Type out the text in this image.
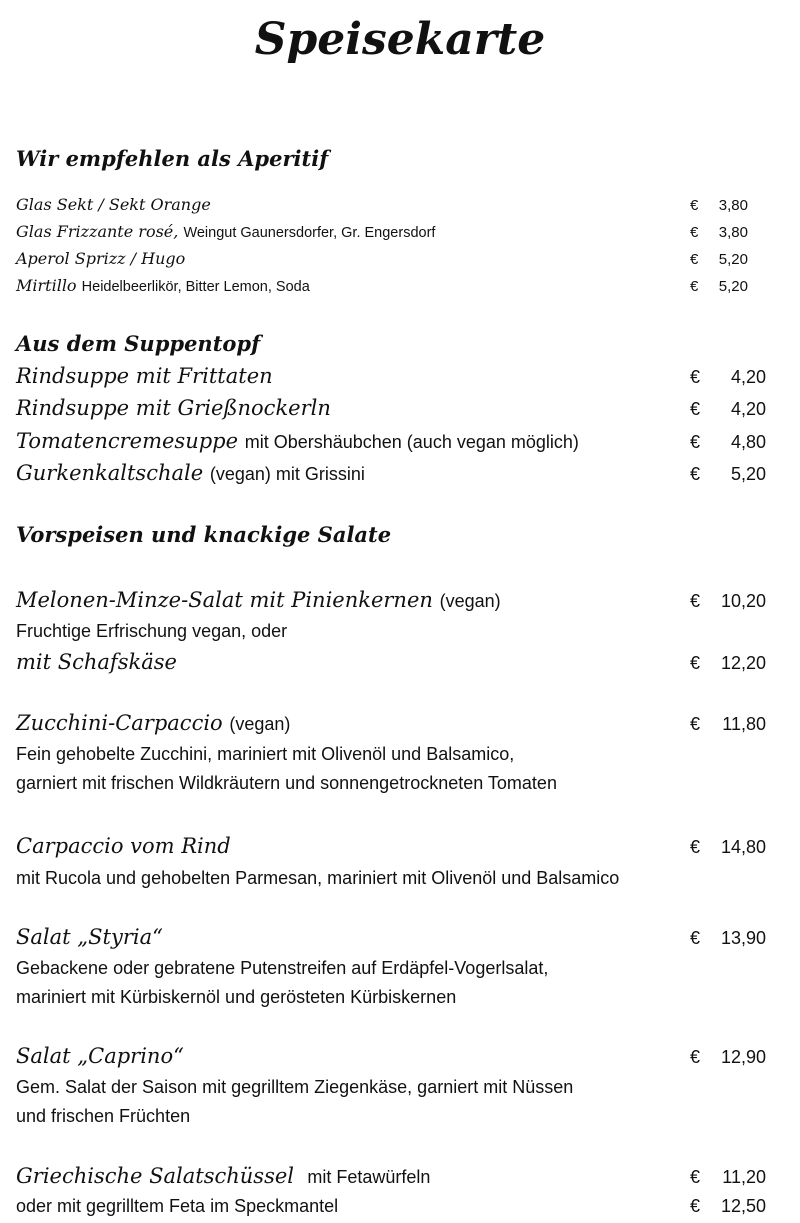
Speisekarte
Wir empfehlen als Aperitif
Glas Sekt / Sekt Orange	€ 3,80
Glas Frizzante rosé, Weingut Gaunersdorfer, Gr. Engersdorf	€ 3,80
Aperol Sprizz / Hugo	€ 5,20
Mirtillo Heidelbeerlikör, Bitter Lemon, Soda	€ 5,20
Aus dem Suppentopf
Rindsuppe mit Frittaten	€ 4,20
Rindsuppe mit Grießnockerln	€ 4,20
Tomatencremesuppe mit Obershäubchen (auch vegan möglich)	€ 4,80
Gurkenkaltschale (vegan) mit Grissini	€ 5,20
Vorspeisen und knackige Salate
Melonen-Minze-Salat mit Pinienkernen (vegan)	€ 10,20
Fruchtige Erfrischung vegan, oder
mit Schafskäse	€ 12,20
Zucchini-Carpaccio (vegan)	€ 11,80
Fein gehobelte Zucchini, mariniert mit Olivenöl und Balsamico,
garniert mit frischen Wildkräutern und sonnengetrockneten Tomaten
Carpaccio vom Rind	€ 14,80
mit Rucola und gehobelten Parmesan, mariniert mit Olivenöl und Balsamico
Salat „Styria“	€ 13,90
Gebackene oder gebratene Putenstreifen auf Erdäpfel-Vogerlsalat,
mariniert mit Kürbiskernöl und gerösteten Kürbiskernen
Salat „Caprino“	€ 12,90
Gem. Salat der Saison mit gegrilltem Ziegenkäse, garniert mit Nüssen
und frischen Früchten
Griechische Salatschüssel mit Fetawürfeln	€ 11,20
oder mit gegrilltem Feta im Speckmantel	€ 12,50
